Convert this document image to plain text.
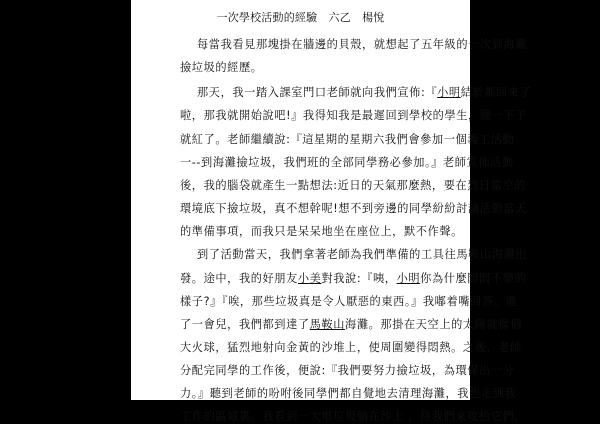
一次學校活動的經驗　六乙　楊悅
每當我看見那塊掛在牆邊的貝殼，就想起了五年級的一次到海灘
撿垃圾的經歷。
那天，我一踏入課室門口老師就向我們宣佈:『小明結於都回來了
啦，那我就開始說吧!』我得知我是最遲回到學校的學生，臉一下子
就紅了。老師繼續說:『這星期的星期六我們會參加一個義工活動
一--到海灘撿垃圾，我們班的全部同學務必參加。』老師宣佈活動
後，我的腦袋就產生一點想法:近日的天氣那麼熱，要在烈日當空的
環境底下撿垃圾，真不想幹呢!想不到旁邊的同學紛紛討論活動當天
的準備事項，而我只是呆呆地坐在座位上，默不作聲。
到了活動當天，我們拿著老師為我們準備的工具往馬鞍山海灘出
發。途中，我的好朋友小美對我說:『咦，小明你為什麼悶悶不樂的
樣子?』『唉，那些垃圾真是令人厭惡的東西。』我嘟着嘴回答。過
了一會兒，我們都到達了馬鞍山海灘。那掛在天空上的太陽就像個
大火球，猛烈地射向金黃的沙堆上，使周圍變得悶熱。之後，老師
分配完同學的工作後，便說:『我們要努力撿垃圾，為環保出一分
力。』聽到老師的吩咐後同學們都自覺地去清理海灘，我也走到我
工作的區域裏。我看到一大堆垃圾躺在沙上 ，待我們來收拾它們，
